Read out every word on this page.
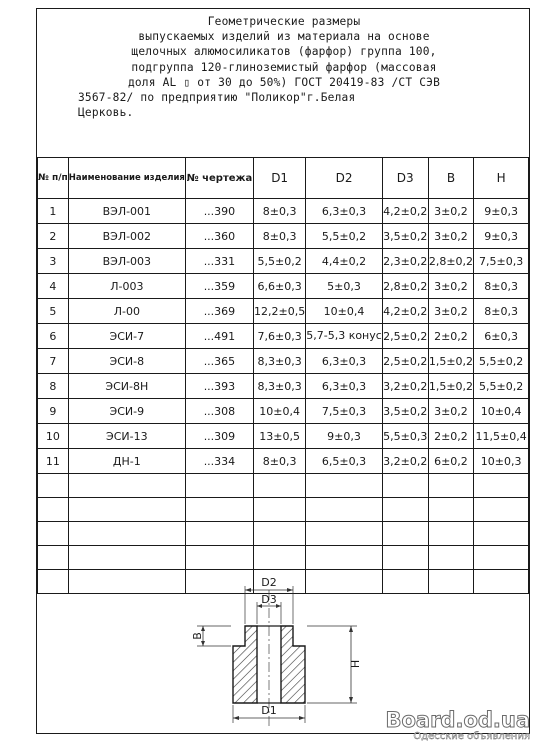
Геометрические размеры
выпускаемых изделий из материала на основе
щелочных алюмосиликатов (фарфор) группа 100,
подгруппа 120-глиноземистый фарфор (массовая
доля AL ▯ от 30 до 50%) ГОСТ 20419-83 /СТ СЭВ
3567-82/ по предприятию "Поликор"г.Белая
Церковь.
№ п/п	Наименование изделия	№ чертежа	D1	D2	D3	B	H
1	ВЭЛ-001	...390	8±0,3	6,3±0,3	4,2±0,2	3±0,2	9±0,3
2	ВЭЛ-002	...360	8±0,3	5,5±0,2	3,5±0,2	3±0,2	9±0,3
3	ВЭЛ-003	...331	5,5±0,2	4,4±0,2	2,3±0,2	2,8±0,2	7,5±0,3
4	Л-003	...359	6,6±0,3	5±0,3	2,8±0,2	3±0,2	8±0,3
5	Л-00	...369	12,2±0,5	10±0,4	4,2±0,2	3±0,2	8±0,3
6	ЭСИ-7	...491	7,6±0,3	5,7-5,3 конус	2,5±0,2	2±0,2	6±0,3
7	ЭСИ-8	...365	8,3±0,3	6,3±0,3	2,5±0,2	1,5±0,2	5,5±0,2
8	ЭСИ-8Н	...393	8,3±0,3	6,3±0,3	3,2±0,2	1,5±0,2	5,5±0,2
9	ЭСИ-9	...308	10±0,4	7,5±0,3	3,5±0,2	3±0,2	10±0,4
10	ЭСИ-13	...309	13±0,5	9±0,3	5,5±0,3	2±0,2	11,5±0,4
11	ДН-1	...334	8±0,3	6,5±0,3	3,2±0,2	6±0,2	10±0,3

D2
D3
B
H
D1	Board.od.ua
Одесские объявления
